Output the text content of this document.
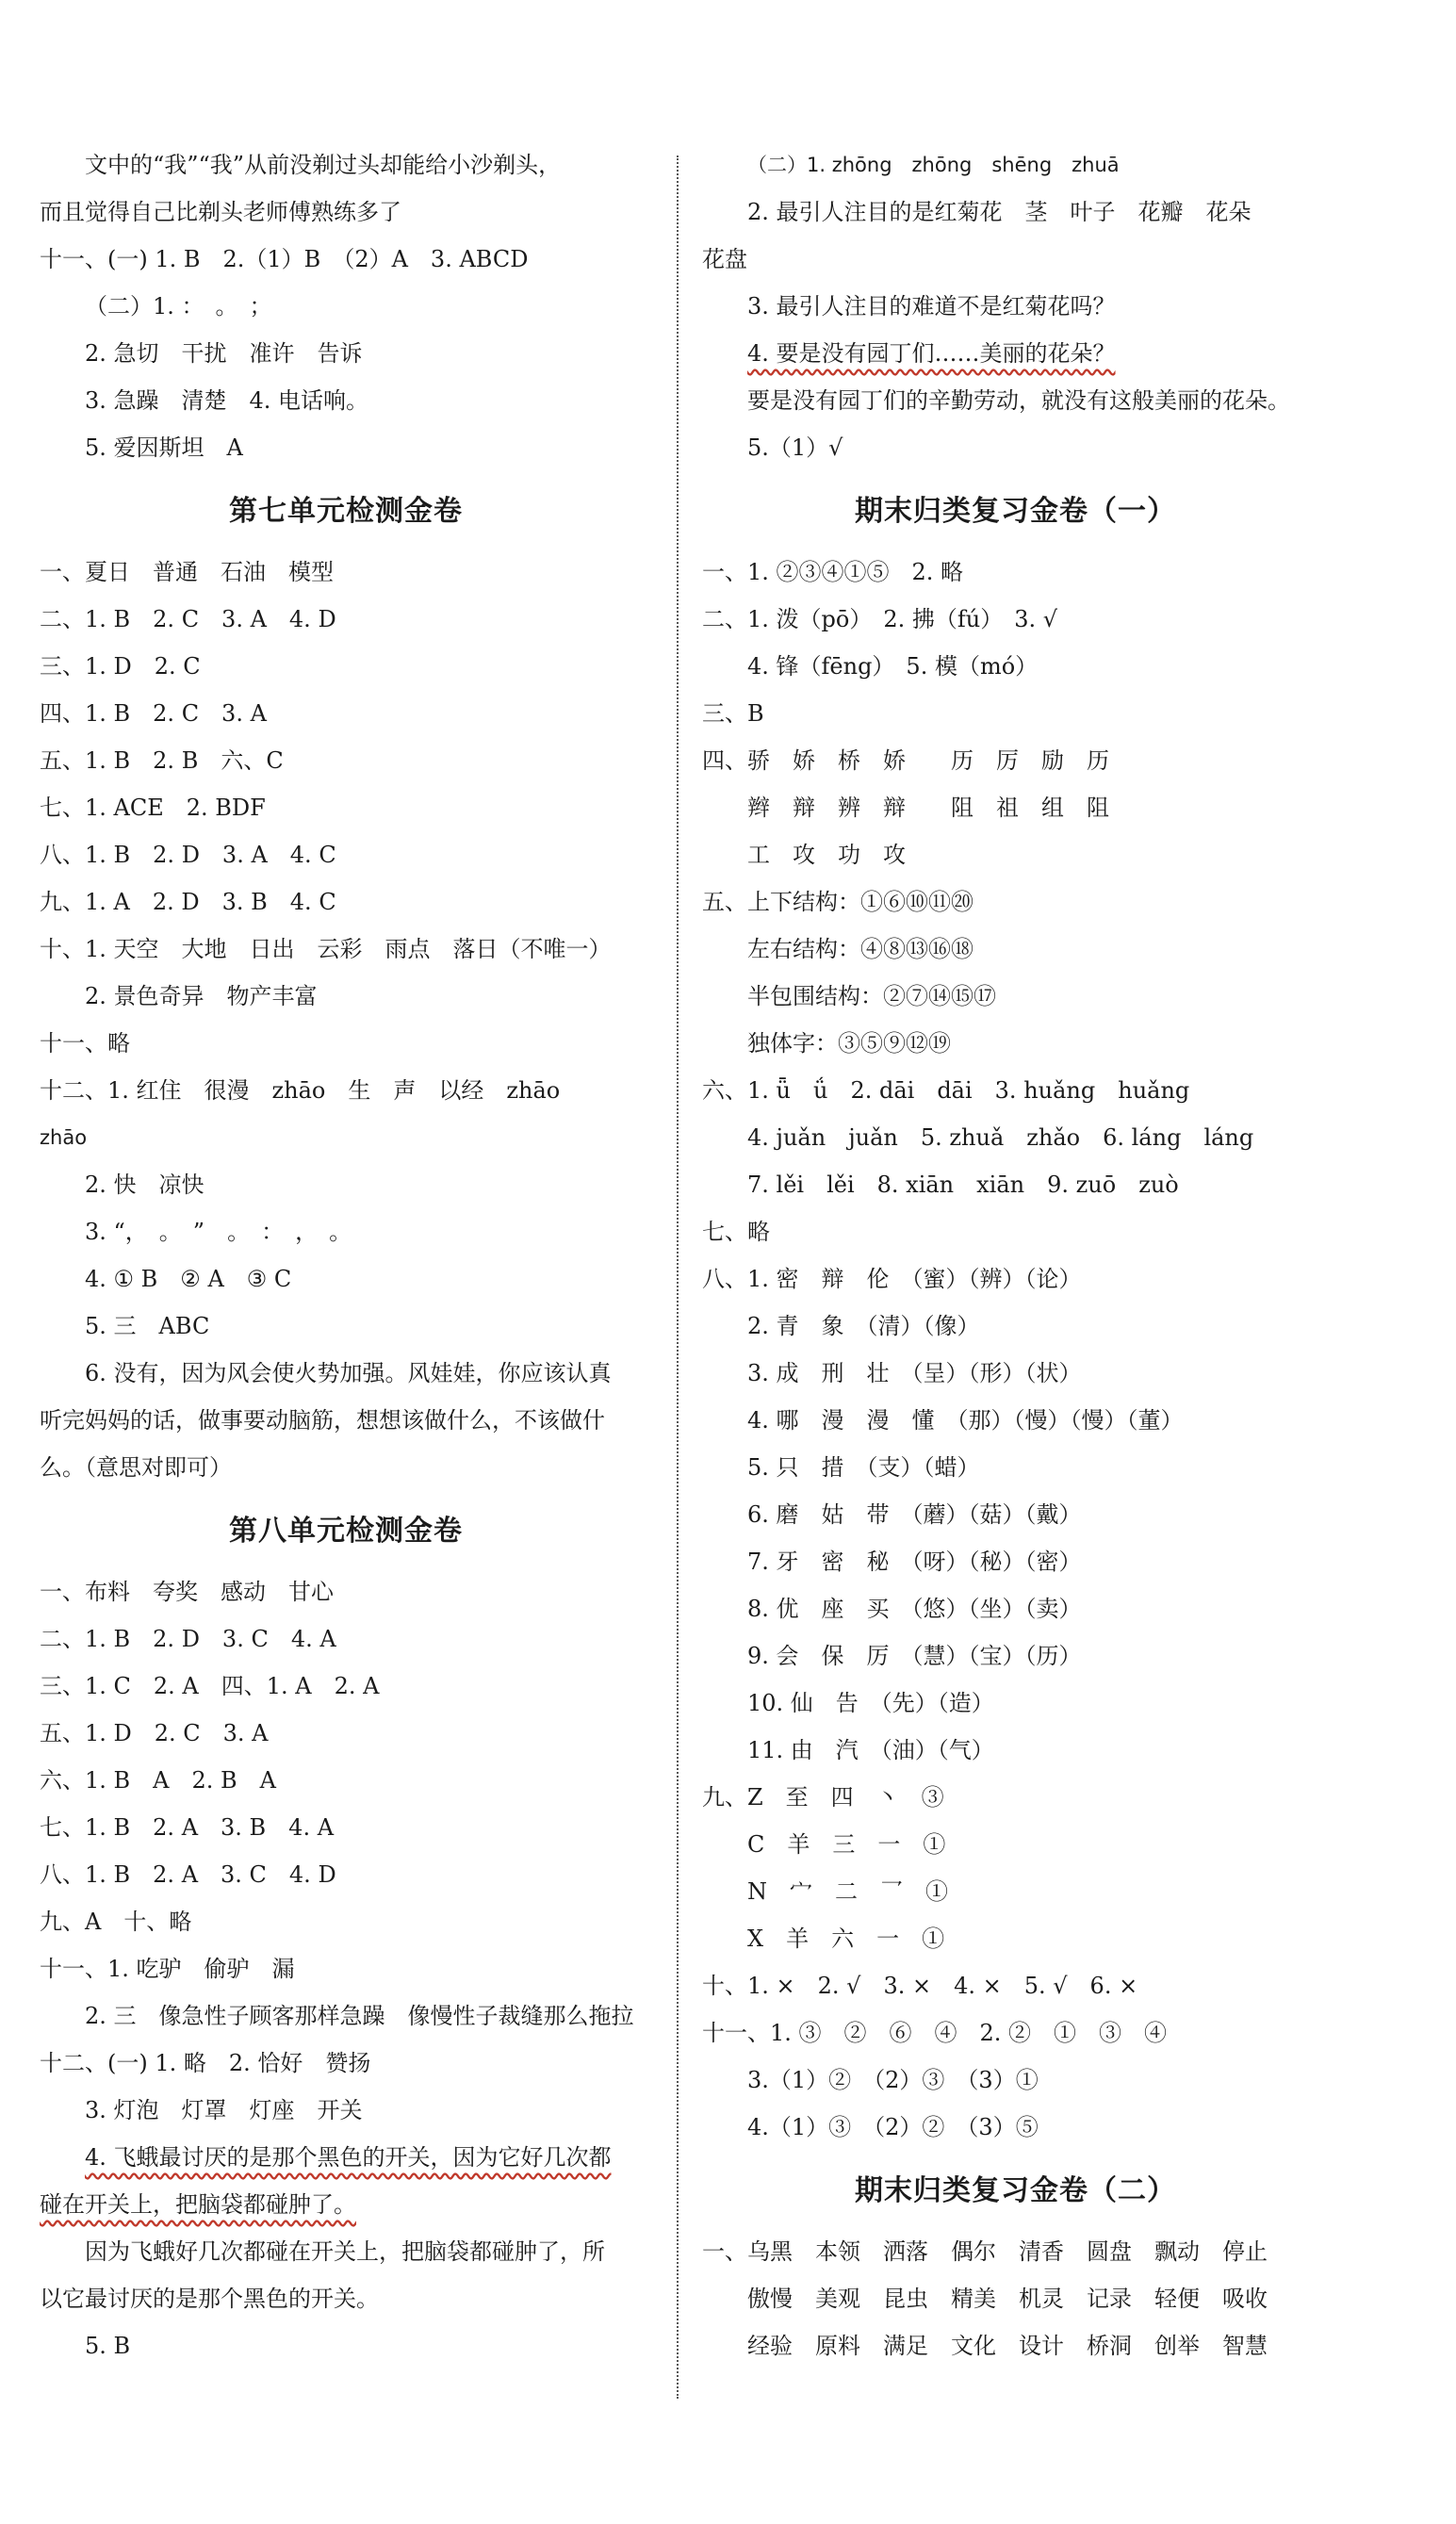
文中的“我”“我”从前没剃过头却能给小沙剃头，
而且觉得自己比剃头老师傅熟练多了
十一、(一) 1. B　2.（1）B　（2）A　3. ABCD
（二）1. ：　。　；
2. 急切　干扰　准许　告诉
3. 急躁　清楚　4. 电话响。
5. 爱因斯坦　A
第七单元检测金卷
一、夏日　普通　石油　模型
二、1. B　2. C　3. A　4. D
三、1. D　2. C
四、1. B　2. C　3. A
五、1. B　2. B　六、C
七、1. ACE　2. BDF
八、1. B　2. D　3. A　4. C
九、1. A　2. D　3. B　4. C
十、1. 天空　大地　日出　云彩　雨点　落日（不唯一）
2. 景色奇异　物产丰富
十一、略
十二、1. 红住　很漫　zhāo　生　声　以经　zhāo
zhāo
2. 快　凉快
3. “，　。　”　。　：　，　。
4. ① B　② A　③ C
5. 三　ABC
6. 没有，因为风会使火势加强。风娃娃，你应该认真
听完妈妈的话，做事要动脑筋，想想该做什么，不该做什
么。（意思对即可）
第八单元检测金卷
一、布料　夸奖　感动　甘心
二、1. B　2. D　3. C　4. A
三、1. C　2. A　四、1. A　2. A
五、1. D　2. C　3. A
六、1. B　A　2. B　A
七、1. B　2. A　3. B　4. A
八、1. B　2. A　3. C　4. D
九、A　十、略
十一、1. 吃驴　偷驴　漏
2. 三　像急性子顾客那样急躁　像慢性子裁缝那么拖拉
十二、(一) 1. 略　2. 恰好　赞扬
3. 灯泡　灯罩　灯座　开关
4. 飞蛾最讨厌的是那个黑色的开关，因为它好几次都
碰在开关上，把脑袋都碰肿了。
因为飞蛾好几次都碰在开关上，把脑袋都碰肿了，所
以它最讨厌的是那个黑色的开关。
5. B
（二）1. zhōng　zhōng　shēng　zhuā
2. 最引人注目的是红菊花　茎　叶子　花瓣　花朵
花盘
3. 最引人注目的难道不是红菊花吗？
4. 要是没有园丁们……美丽的花朵？
要是没有园丁们的辛勤劳动，就没有这般美丽的花朵。
5.（1）√
期末归类复习金卷（一）
一、1. ②③④①⑤　2. 略
二、1. 泼（pō）　2. 拂（fú）　3. √
4. 锋（fēng）　5. 模（mó）
三、B
四、骄　娇　桥　娇　　历　厉　励　历
辫　辩　辨　辩　　阻　祖　组　阻
工　攻　功　攻
五、上下结构：①⑥⑩⑪⑳
左右结构：④⑧⑬⑯⑱
半包围结构：②⑦⑭⑮⑰
独体字：③⑤⑨⑫⑲
六、1. ǖ　ǘ　2. dāi　dāi　3. huǎng　huǎng
4. juǎn　juǎn　5. zhuǎ　zhǎo　6. láng　láng
7. lěi　lěi　8. xiān　xiān　9. zuō　zuò
七、略
八、1. 密　辩　伦　（蜜）（辨）（论）
2. 青　象　（清）（像）
3. 成　刑　壮　（呈）（形）（状）
4. 哪　漫　漫　懂　（那）（慢）（慢）（董）
5. 只　措　（支）（蜡）
6. 磨　姑　带　（蘑）（菇）（戴）
7. 牙　密　秘　（呀）（秘）（密）
8. 优　座　买　（悠）（坐）（卖）
9. 会　保　厉　（慧）（宝）（历）
10. 仙　告　（先）（造）
11. 由　汽　（油）（气）
九、Z　至　四　丶　③
C　羊　三　一　①
N　宀　二　乛　①
X　羊　六　一　①
十、1. ×　2. √　3. ×　4. ×　5. √　6. ×
十一、1. ③　②　⑥　④　2. ②　①　③　④
3.（1）②　（2）③　（3）①
4.（1）③　（2）②　（3）⑤
期末归类复习金卷（二）
一、乌黑　本领　洒落　偶尔　清香　圆盘　飘动　停止
傲慢　美观　昆虫　精美　机灵　记录　轻便　吸收
经验　原料　满足　文化　设计　桥洞　创举　智慧
